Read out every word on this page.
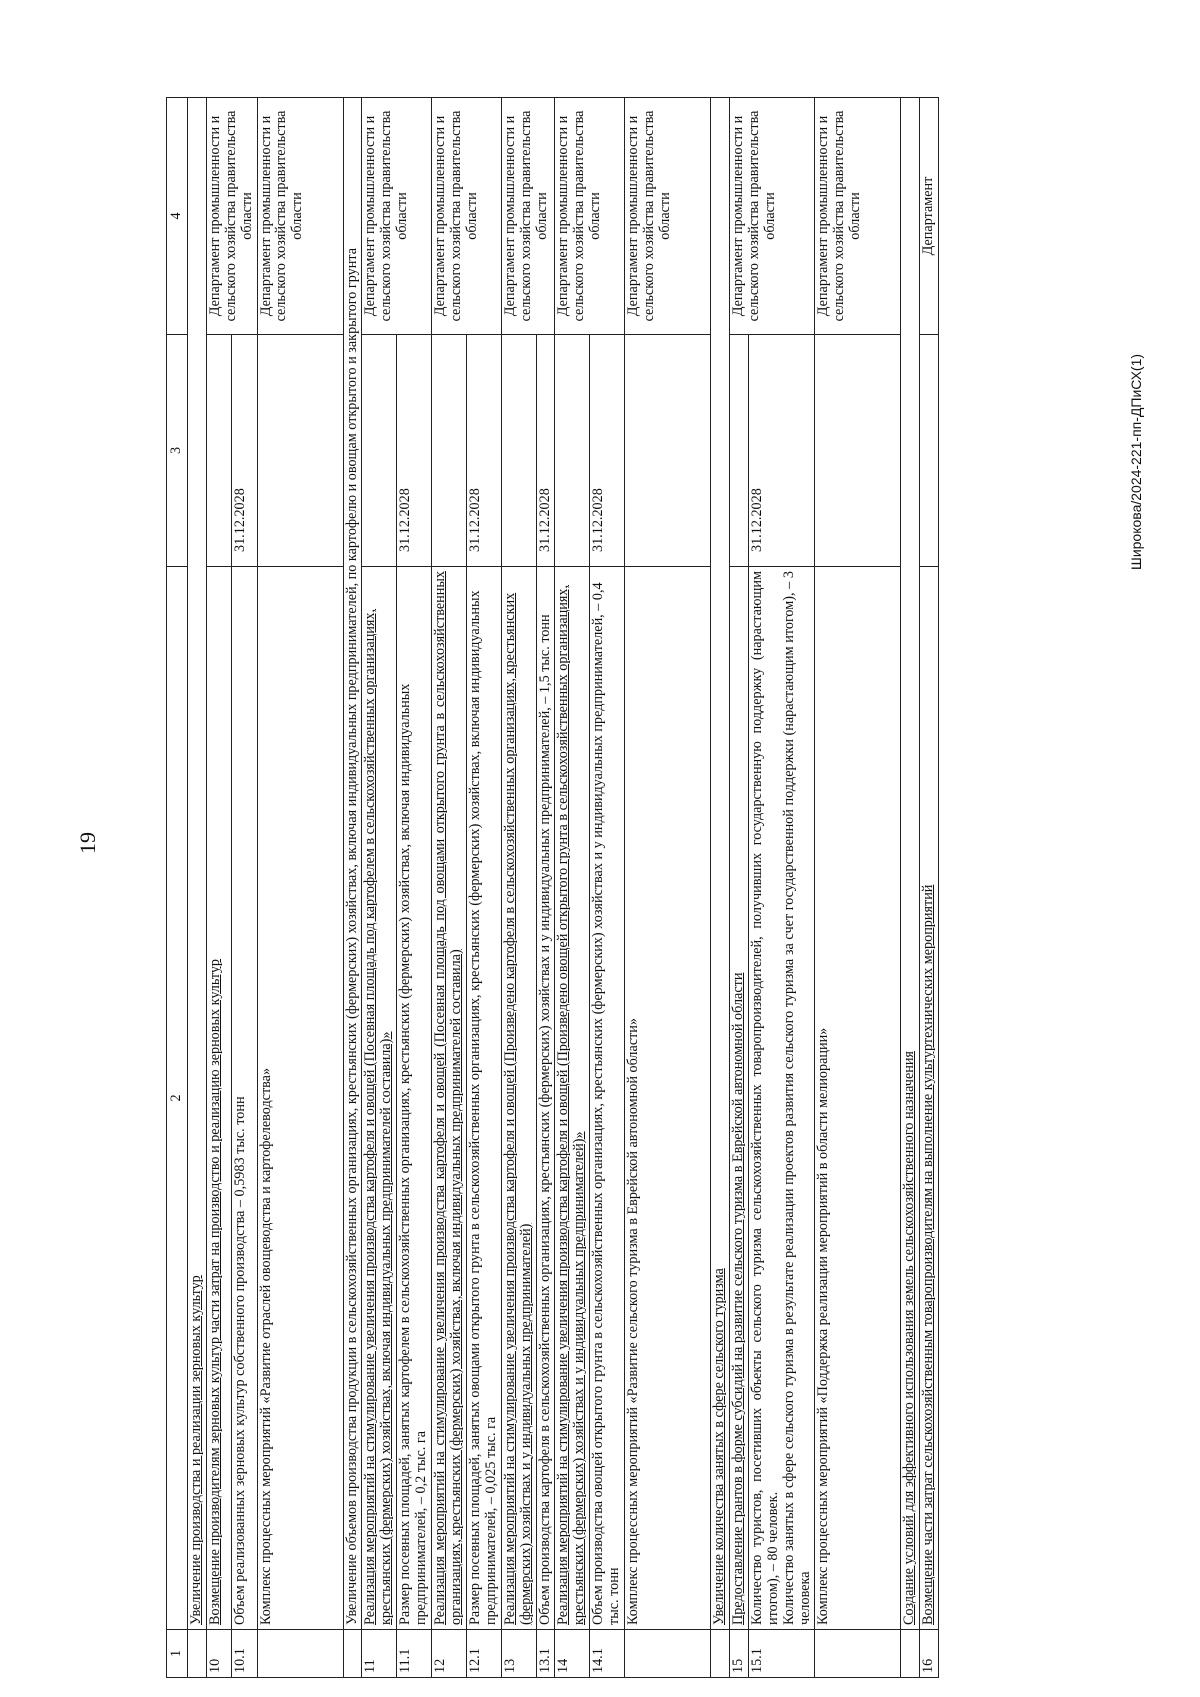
19
Широкова/2024-221-пп-ДПиСХ(1)
1	2	3	4
	Увеличение производства и реализации зерновых культур		
10	Возмещение производителям зерновых культур части затрат на производство и реализацию зерновых культур		Департамент промышленности и сельского хозяйства правительства области
10.1	Объем реализованных зерновых культур собственного производства – 0,5983 тыс. тонн	31.12.2028	
	Комплекс процессных мероприятий «Развитие отраслей овощеводства и картофелеводства»		Департамент промышленности и сельского хозяйства правительства области
	Увеличение объемов производства продукции в сельскохозяйственных организациях, крестьянских (фермерских) хозяйствах, включая индивидуальных предпринимателей, по картофелю и овощам открытого и закрытого грунта		
11	Реализация мероприятий на стимулирование увеличения производства картофеля и овощей (Посевная площадь под картофелем в сельскохозяйственных организациях, крестьянских (фермерских) хозяйствах, включая индивидуальных предпринимателей составила)»		Департамент промышленности и сельского хозяйства правительства области
11.1	Размер посевных площадей, занятых картофелем в сельскохозяйственных организациях, крестьянских (фермерских) хозяйствах, включая индивидуальных предпринимателей, – 0,2 тыс. га	31.12.2028	
12	Реализация мероприятий на стимулирование увеличения производства картофеля и овощей (Посевная площадь под овощами открытого грунта в сельскохозяйственных организациях, крестьянских (фермерских) хозяйствах, включая индивидуальных предпринимателей составила)		Департамент промышленности и сельского хозяйства правительства области
12.1	Размер посевных площадей, занятых овощами открытого грунта в сельскохозяйственных организациях, крестьянских (фермерских) хозяйствах, включая индивидуальных предпринимателей, – 0,025 тыс. га	31.12.2028	
13	Реализация мероприятий на стимулирование увеличения производства картофеля и овощей (Произведено картофеля в сельскохозяйственных организациях, крестьянских (фермерских) хозяйствах и у индивидуальных предпринимателей)		Департамент промышленности и сельского хозяйства правительства области
13.1	Объем производства картофеля в сельскохозяйственных организациях, крестьянских (фермерских) хозяйствах и у индивидуальных предпринимателей, – 1,5 тыс. тонн	31.12.2028	
14	Реализация мероприятий на стимулирование увеличения производства картофеля и овощей (Произведено овощей открытого грунта в сельскохозяйственных организациях, крестьянских (фермерских) хозяйствах и у индивидуальных предпринимателей)»		Департамент промышленности и сельского хозяйства правительства области
14.1	Объем производства овощей открытого грунта в сельскохозяйственных организациях, крестьянских (фермерских) хозяйствах и у индивидуальных предпринимателей, – 0,4 тыс. тонн	31.12.2028	
	Комплекс процессных мероприятий «Развитие сельского туризма в Еврейской автономной области»		Департамент промышленности и сельского хозяйства правительства области
	Увеличение количества занятых в сфере сельского туризма		
15	Предоставление грантов в форме субсидий на развитие сельского туризма в Еврейской автономной области		Департамент промышленности и сельского хозяйства правительства области
15.1	Количество туристов, посетивших объекты сельского туризма сельскохозяйственных товаропроизводителей, получивших государственную поддержку (нарастающим итогом), – 80 человек. Количество занятых в сфере сельского туризма в результате реализации проектов развития сельского туризма за счет государственной поддержки (нарастающим итогом), – 3 человека	31.12.2028	
	Комплекс процессных мероприятий «Поддержка реализации мероприятий в области мелиорации»		Департамент промышленности и сельского хозяйства правительства области
	Создание условий для эффективного использования земель сельскохозяйственного назначения		
16	Возмещение части затрат сельскохозяйственным товаропроизводителям на выполнение культуртехнических мероприятий		Департамент
